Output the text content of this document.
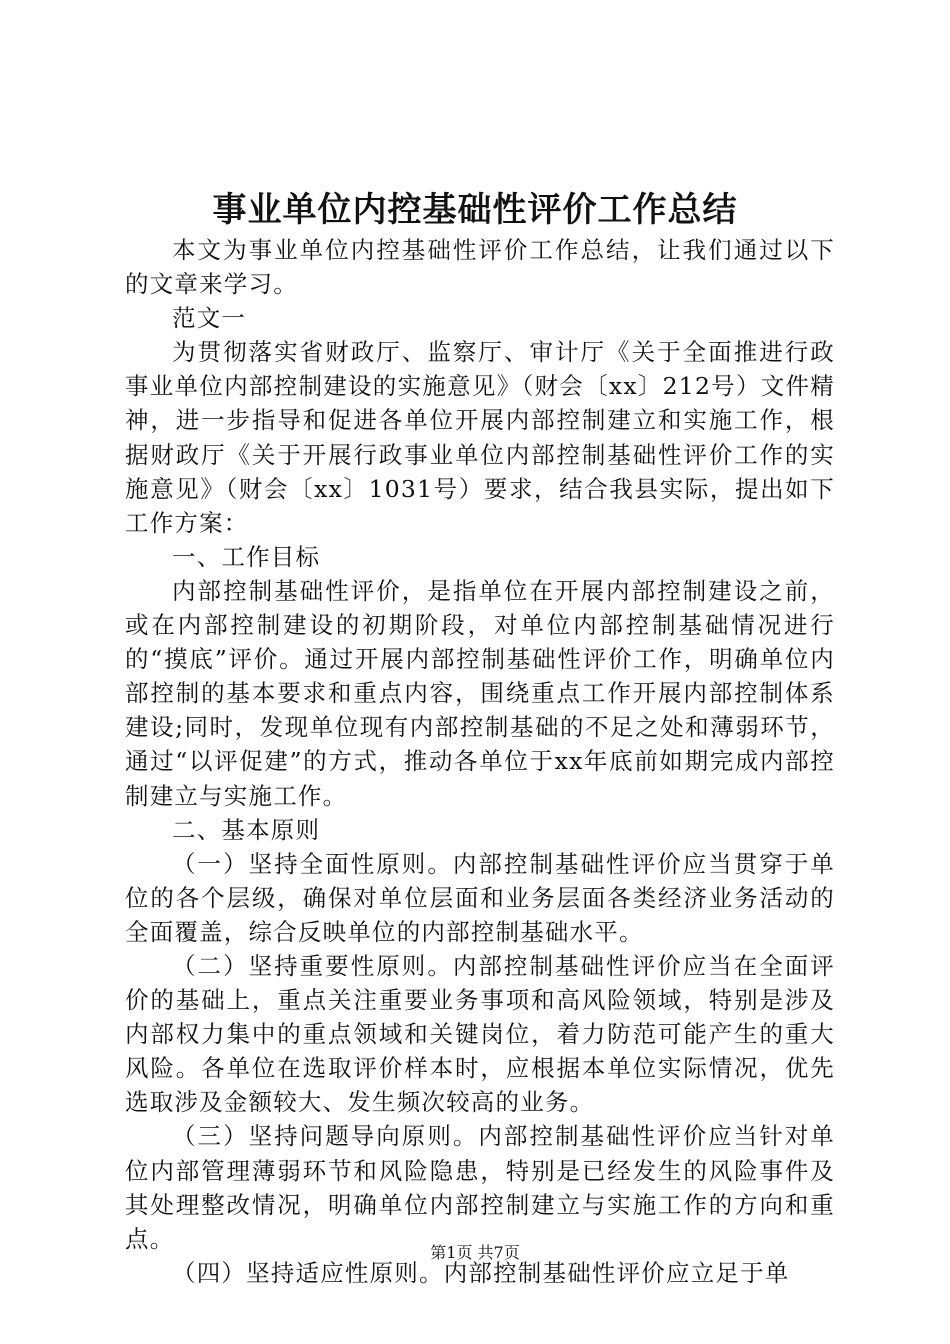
事业单位内控基础性评价工作总结

本文为事业单位内控基础性评价工作总结，让我们通过以下的文章来学习。

范文一

为贯彻落实省财政厅、监察厅、审计厅《关于全面推进行政事业单位内部控制建设的实施意见》（财会〔xx〕212号）文件精神，进一步指导和促进各单位开展内部控制建立和实施工作，根据财政厅《关于开展行政事业单位内部控制基础性评价工作的实施意见》（财会〔xx〕1031号）要求，结合我县实际，提出如下工作方案：

一、工作目标

内部控制基础性评价，是指单位在开展内部控制建设之前，或在内部控制建设的初期阶段，对单位内部控制基础情况进行的“摸底”评价。通过开展内部控制基础性评价工作，明确单位内部控制的基本要求和重点内容，围绕重点工作开展内部控制体系建设;同时，发现单位现有内部控制基础的不足之处和薄弱环节，通过“以评促建”的方式，推动各单位于xx年底前如期完成内部控制建立与实施工作。

二、基本原则

（一）坚持全面性原则。内部控制基础性评价应当贯穿于单位的各个层级，确保对单位层面和业务层面各类经济业务活动的全面覆盖，综合反映单位的内部控制基础水平。

（二）坚持重要性原则。内部控制基础性评价应当在全面评价的基础上，重点关注重要业务事项和高风险领域，特别是涉及内部权力集中的重点领域和关键岗位，着力防范可能产生的重大风险。各单位在选取评价样本时，应根据本单位实际情况，优先选取涉及金额较大、发生频次较高的业务。

（三）坚持问题导向原则。内部控制基础性评价应当针对单位内部管理薄弱环节和风险隐患，特别是已经发生的风险事件及其处理整改情况，明确单位内部控制建立与实施工作的方向和重点。

（四）坚持适应性原则。内部控制基础性评价应立足于单

第1页 共7页
